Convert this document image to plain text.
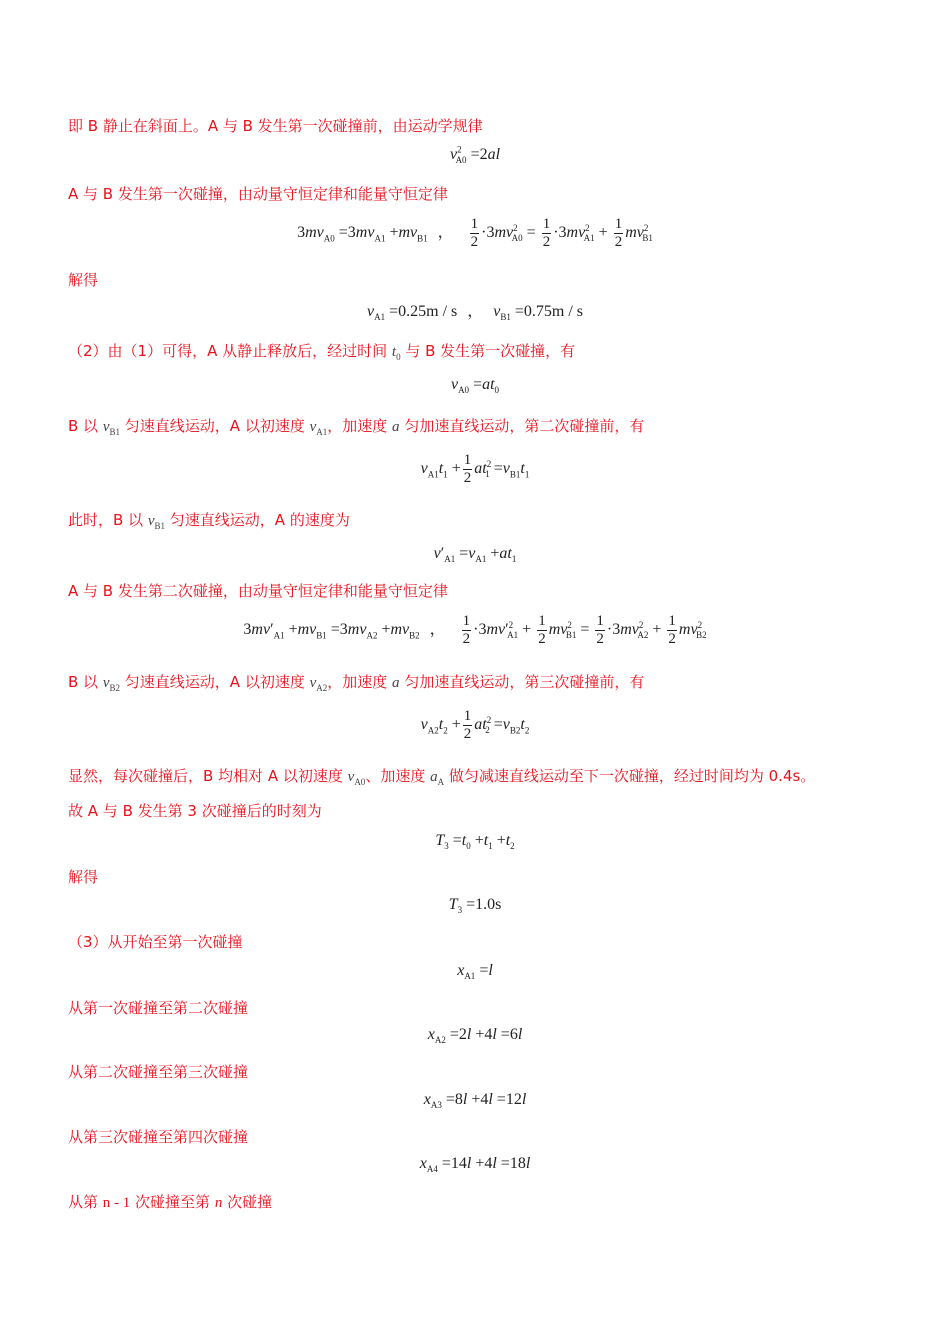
即 B 静止在斜面上。A 与 B 发生第一次碰撞前，由运动学规律
$v^2_{A0} =2al$
A 与 B 发生第一次碰撞，由动量守恒定律和能量守恒定律
$3mv_{A0} =3mv_{A1} +mv_{B1}$ ， $\frac{1}{2} \cdot 3mv^2_{A0} = \frac{1}{2} \cdot 3mv^2_{A1} + \frac{1}{2} mv^2_{B1}$
解得
$v_{A1} =0.25m / s$ ， $v_{B1} =0.75m / s$
（2）由（1）可得，A 从静止释放后，经过时间 $t_0$ 与 B 发生第一次碰撞，有
$v_{A0} =at_0$
B 以 $v_{B1}$ 匀速直线运动，A 以初速度 $v_{A1}$，加速度 a 匀加速直线运动，第二次碰撞前，有
$v_{A1}t_1 + \frac{1}{2} at^2_1 =v_{B1}t_1$
此时，B 以 $v_{B1}$ 匀速直线运动，A 的速度为
$v'_{A1} =v_{A1} +at_1$
A 与 B 发生第二次碰撞，由动量守恒定律和能量守恒定律
$3mv'_{A1} +mv_{B1} =3mv_{A2} +mv_{B2}$ ， $\frac{1}{2} \cdot 3mv'^2_{A1} + \frac{1}{2} mv^2_{B1} = \frac{1}{2} \cdot 3mv^2_{A2} + \frac{1}{2} mv^2_{B2}$
B 以 $v_{B2}$ 匀速直线运动，A 以初速度 $v_{A2}$，加速度 a 匀加速直线运动，第三次碰撞前，有
$v_{A2}t_2 + \frac{1}{2} at^2_2 =v_{B2}t_2$
显然，每次碰撞后，B 均相对 A 以初速度 $v_{A0}$、加速度 $a_A$ 做匀减速直线运动至下一次碰撞，经过时间均为 0.4s。
故 A 与 B 发生第 3 次碰撞后的时刻为
$T_3 =t_0 +t_1 +t_2$
解得
$T_3 =1.0s$
（3）从开始至第一次碰撞
$x_{A1} =l$
从第一次碰撞至第二次碰撞
$x_{A2} =2l +4l =6l$
从第二次碰撞至第三次碰撞
$x_{A3} =8l +4l =12l$
从第三次碰撞至第四次碰撞
$x_{A4} =14l +4l =18l$
从第 n - 1 次碰撞至第 n 次碰撞
